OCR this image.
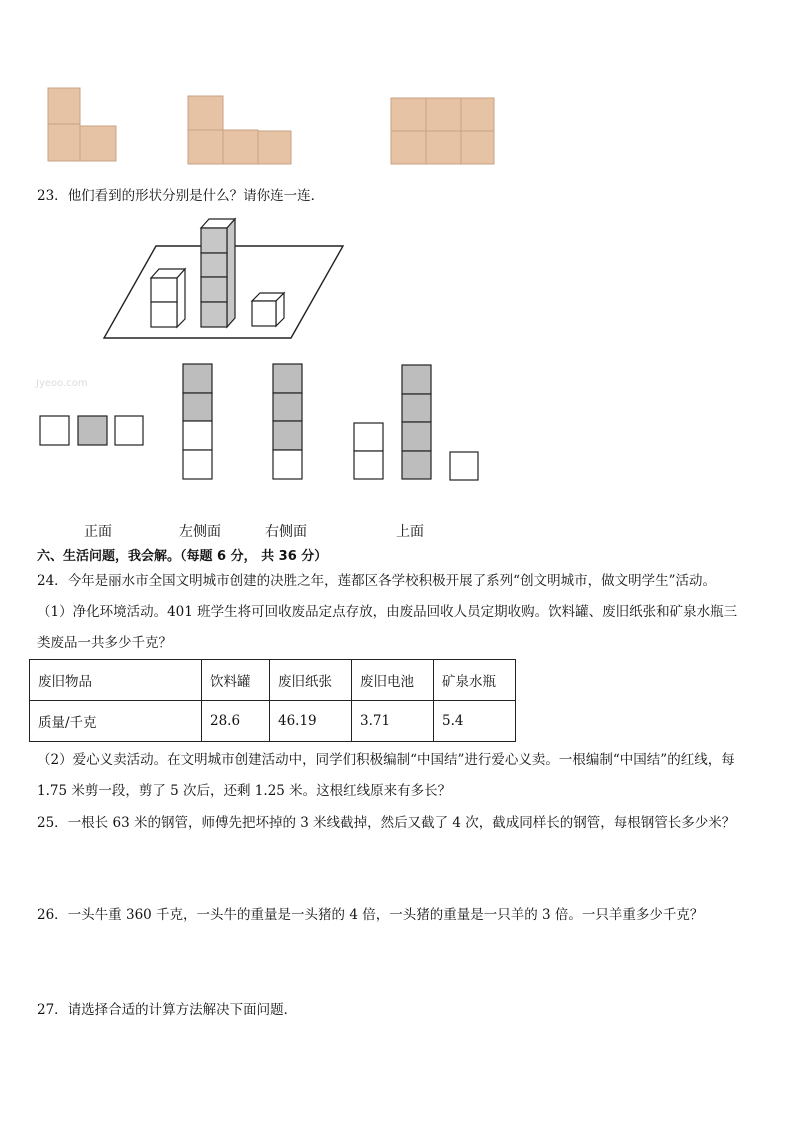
23．他们看到的形状分别是什么？请你连一连．
Jyeoo.com
正面	左侧面	右侧面	上面
六、生活问题，我会解。（每题 6 分， 共 36 分）
24．今年是丽水市全国文明城市创建的决胜之年，莲都区各学校积极开展了系列“创文明城市，做文明学生”活动。
（1）净化环境活动。401 班学生将可回收废品定点存放，由废品回收人员定期收购。饮料罐、废旧纸张和矿泉水瓶三
类废品一共多少千克？
废旧物品	饮料罐	废旧纸张	废旧电池	矿泉水瓶
质量/千克	28.6	46.19	3.71	5.4
（2）爱心义卖活动。在文明城市创建活动中，同学们积极编制“中国结”进行爱心义卖。一根编制“中国结”的红线，每
1.75 米剪一段，剪了 5 次后，还剩 1.25 米。这根红线原来有多长？
25．一根长 63 米的钢管，师傅先把坏掉的 3 米线截掉，然后又截了 4 次，截成同样长的钢管，每根钢管长多少米？
26．一头牛重 360 千克，一头牛的重量是一头猪的 4 倍，一头猪的重量是一只羊的 3 倍。一只羊重多少千克？
27．请选择合适的计算方法解决下面问题．
